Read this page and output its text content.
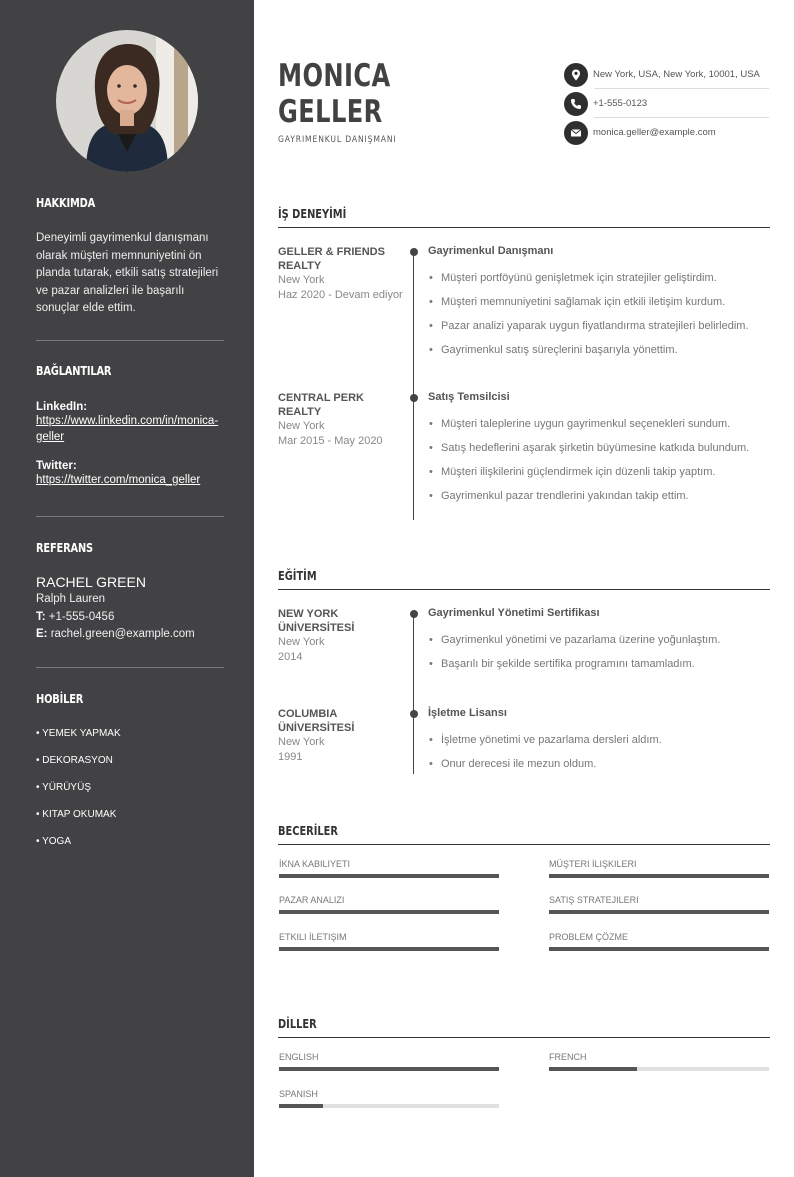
HAKKIMDA
Deneyimli gayrimenkul danışmanı olarak müşteri memnuniyetini ön planda tutarak, etkili satış stratejileri ve pazar analizleri ile başarılı sonuçlar elde ettim.
BAĞLANTILAR
LinkedIn:
https://www.linkedin.com/in/monica-geller
Twitter:
https://twitter.com/monica_geller
REFERANS
RACHEL GREEN
Ralph Lauren
T: +1-555-0456
E: rachel.green@example.com
HOBİLER
• YEMEK YAPMAK
• DEKORASYON
• YÜRÜYÜŞ
• KITAP OKUMAK
• YOGA
MONICA
GELLER
GAYRIMENKUL DANIŞMANI
New York, USA, New York, 10001, USA
+1-555-0123
monica.geller@example.com
İŞ DENEYİMİ
GELLER & FRIENDS REALTY
New York
Haz 2020 - Devam ediyor
Gayrimenkul Danışmanı
• Müşteri portföyünü genişletmek için stratejiler geliştirdim.
• Müşteri memnuniyetini sağlamak için etkili iletişim kurdum.
• Pazar analizi yaparak uygun fiyatlandırma stratejileri belirledim.
• Gayrimenkul satış süreçlerini başarıyla yönettim.
CENTRAL PERK REALTY
New York
Mar 2015 - May 2020
Satış Temsilcisi
• Müşteri taleplerine uygun gayrimenkul seçenekleri sundum.
• Satış hedeflerini aşarak şirketin büyümesine katkıda bulundum.
• Müşteri ilişkilerini güçlendirmek için düzenli takip yaptım.
• Gayrimenkul pazar trendlerini yakından takip ettim.
EĞİTİM
NEW YORK ÜNİVERSİTESİ
New York
2014
Gayrimenkul Yönetimi Sertifikası
• Gayrimenkul yönetimi ve pazarlama üzerine yoğunlaştım.
• Başarılı bir şekilde sertifika programını tamamladım.
COLUMBIA ÜNİVERSİTESİ
New York
1991
İşletme Lisansı
• İşletme yönetimi ve pazarlama dersleri aldım.
• Onur derecesi ile mezun oldum.
BECERİLER
İKNA KABILIYETI	MÜŞTERI İLIŞKILERI
PAZAR ANALIZI	SATIŞ STRATEJILERI
ETKILI İLETIŞIM	PROBLEM ÇÖZME
DİLLER
ENGLISH	FRENCH
SPANISH
